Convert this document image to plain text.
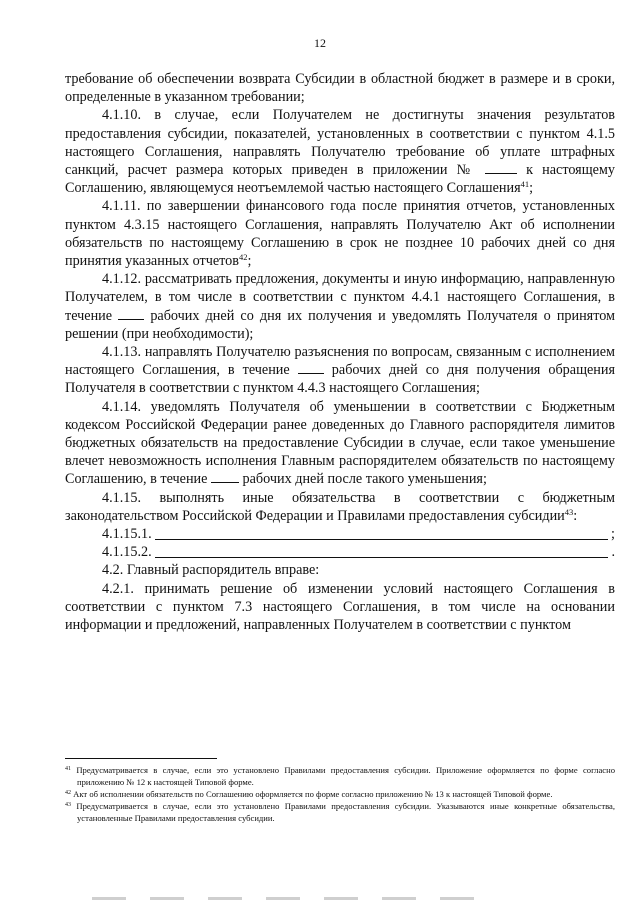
12

требование об обеспечении возврата Субсидии в областной бюджет в размере и в сроки, определенные в указанном требовании;

4.1.10. в случае, если Получателем не достигнуты значения результатов предоставления субсидии, показателей, установленных в соответствии с пунктом 4.1.5 настоящего Соглашения, направлять Получателю требование об уплате штрафных санкций, расчет размера которых приведен в приложении №	к настоящему Соглашению, являющемуся неотъемлемой частью настоящего Соглашения$^{41}$;

4.1.11. по завершении финансового года после принятия отчетов, установленных пунктом 4.3.15 настоящего Соглашения, направлять Получателю Акт об исполнении обязательств по настоящему Соглашению в срок не позднее 10 рабочих дней со дня принятия указанных отчетов$^{42}$;

4.1.12. рассматривать предложения, документы и иную информацию, направленную Получателем, в том числе в соответствии с пунктом 4.4.1 настоящего Соглашения, в течение	рабочих дней со дня их получения и уведомлять Получателя о принятом решении (при необходимости);

4.1.13. направлять Получателю разъяснения по вопросам, связанным с исполнением настоящего Соглашения, в течение	рабочих дней со дня получения обращения Получателя в соответствии с пунктом 4.4.3 настоящего Соглашения;

4.1.14. уведомлять Получателя об уменьшении в соответствии с Бюджетным кодексом Российской Федерации ранее доведенных до Главного распорядителя лимитов бюджетных обязательств на предоставление Субсидии в случае, если такое уменьшение влечет невозможность исполнения Главным распорядителем обязательств по настоящему Соглашению, в течение рабочих дней после такого уменьшения;

4.1.15. выполнять иные обязательства в соответствии с бюджетным законодательством Российской Федерации и Правилами предоставления субсидии$^{43}$:

4.1.15.1.	;
4.1.15.2.	.

4.2. Главный распорядитель вправе:

4.2.1. принимать решение об изменении условий настоящего Соглашения в соответствии с пунктом 7.3 настоящего Соглашения, в том числе на основании информации и предложений, направленных Получателем в соответствии с пунктом

$^{41}$ Предусматривается в случае, если это установлено Правилами предоставления субсидии. Приложение оформляется по форме согласно приложению № 12 к настоящей Типовой форме.

$^{42}$ Акт об исполнении обязательств по Соглашению оформляется по форме согласно приложению № 13 к настоящей Типовой форме.

$^{43}$ Предусматривается в случае, если это установлено Правилами предоставления субсидии. Указываются иные конкретные обязательства, установленные Правилами предоставления субсидии.
